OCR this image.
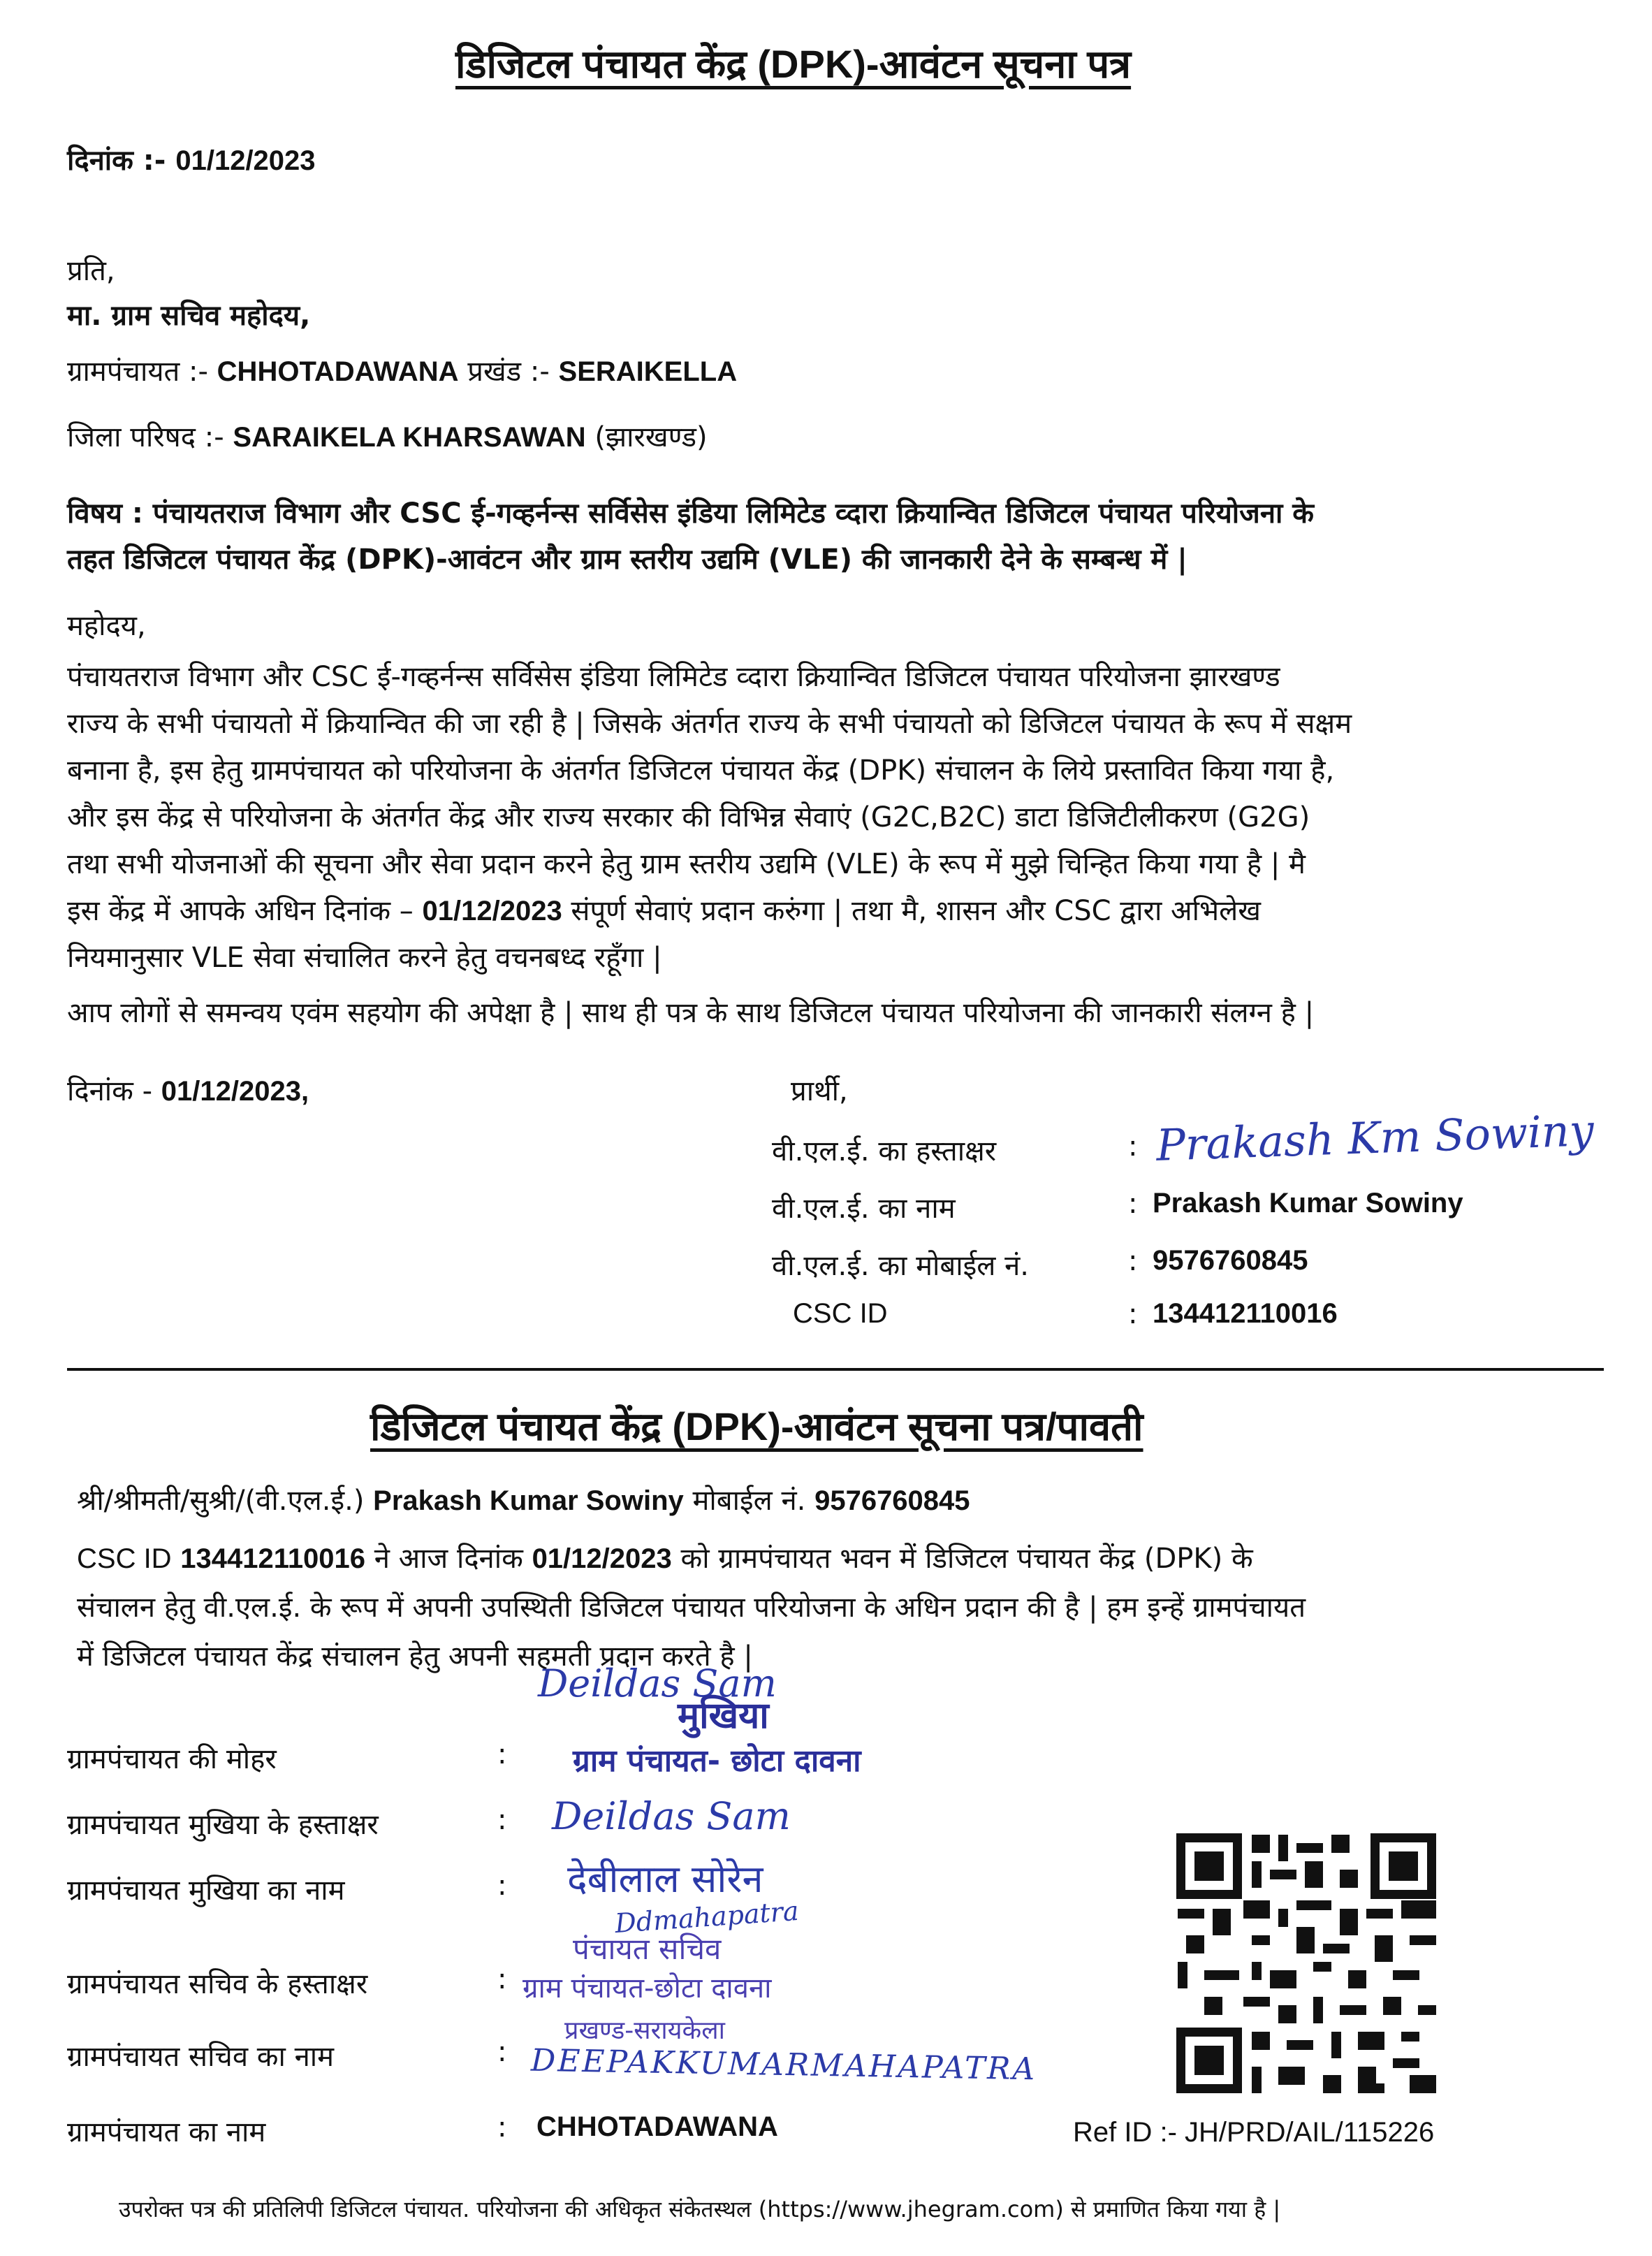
डिजिटल पंचायत केंद्र (DPK)-आवंटन सूचना पत्र
दिनांक :- 01/12/2023
प्रति,
मा. ग्राम सचिव महोदय,
ग्रामपंचायत :- CHHOTADAWANA प्रखंड :- SERAIKELLA
जिला परिषद :- SARAIKELA KHARSAWAN (झारखण्ड)
विषय : पंचायतराज विभाग और CSC ई-गव्हर्नन्स सर्विसेस इंडिया लिमिटेड व्दारा क्रियान्वित डिजिटल पंचायत परियोजना के
तहत डिजिटल पंचायत केंद्र (DPK)-आवंटन और ग्राम स्तरीय उद्यमि (VLE) की जानकारी देने के सम्बन्ध में |
महोदय,
पंचायतराज विभाग और CSC ई-गव्हर्नन्स सर्विसेस इंडिया लिमिटेड व्दारा क्रियान्वित डिजिटल पंचायत परियोजना झारखण्ड
राज्य के सभी पंचायतो में क्रियान्वित की जा रही है | जिसके अंतर्गत राज्य के सभी पंचायतो को डिजिटल पंचायत के रूप में सक्षम
बनाना है, इस हेतु ग्रामपंचायत को परियोजना के अंतर्गत डिजिटल पंचायत केंद्र (DPK) संचालन के लिये प्रस्तावित किया गया है,
और इस केंद्र से परियोजना के अंतर्गत केंद्र और राज्य सरकार की विभिन्न सेवाएं (G2C,B2C) डाटा डिजिटीलीकरण (G2G)
तथा सभी योजनाओं की सूचना और सेवा प्रदान करने हेतु ग्राम स्तरीय उद्यमि (VLE) के रूप में मुझे चिन्हित किया गया है | मै
इस केंद्र में आपके अधिन दिनांक – 01/12/2023 संपूर्ण सेवाएं प्रदान करुंगा | तथा मै, शासन और CSC द्वारा अभिलेख
नियमानुसार VLE सेवा संचालित करने हेतु वचनबध्द रहूँगा |
आप लोगों से समन्वय एवंम सहयोग की अपेक्षा है | साथ ही पत्र के साथ डिजिटल पंचायत परियोजना की जानकारी संलग्न है |
दिनांक - 01/12/2023,	प्रार्थी,
वी.एल.ई. का हस्ताक्षर	: Prakash Km Sowiny
वी.एल.ई. का नाम	: Prakash Kumar Sowiny
वी.एल.ई. का मोबाईल नं.	: 9576760845
CSC ID	: 134412110016
डिजिटल पंचायत केंद्र (DPK)-आवंटन सूचना पत्र/पावती
श्री/श्रीमती/सुश्री/(वी.एल.ई.) Prakash Kumar Sowiny मोबाईल नं. 9576760845
CSC ID 134412110016 ने आज दिनांक 01/12/2023 को ग्रामपंचायत भवन में डिजिटल पंचायत केंद्र (DPK) के
संचालन हेतु वी.एल.ई. के रूप में अपनी उपस्थिती डिजिटल पंचायत परियोजना के अधिन प्रदान की है | हम इन्हें ग्रामपंचायत
में डिजिटल पंचायत केंद्र संचालन हेतु अपनी सहमती प्रदान करते है |
Deildas Sam
मुखिया
ग्रामपंचायत की मोहर	: ग्राम पंचायत- छोटा दावना
ग्रामपंचायत मुखिया के हस्ताक्षर	: Deildas Sam
ग्रामपंचायत मुखिया का नाम	: देबीलाल सोरेन
Ddmahapatra
पंचायत सचिव
ग्रामपंचायत सचिव के हस्ताक्षर	: ग्राम पंचायत-छोटा दावना
प्रखण्ड-सरायकेला
ग्रामपंचायत सचिव का नाम	: DEEPAKKUMARMAHAPATRA
ग्रामपंचायत का नाम	: CHHOTADAWANA	Ref ID :- JH/PRD/AIL/115226
उपरोक्त पत्र की प्रतिलिपी डिजिटल पंचायत. परियोजना की अधिकृत संकेतस्थल (https://www.jhegram.com) से प्रमाणित किया गया है |
